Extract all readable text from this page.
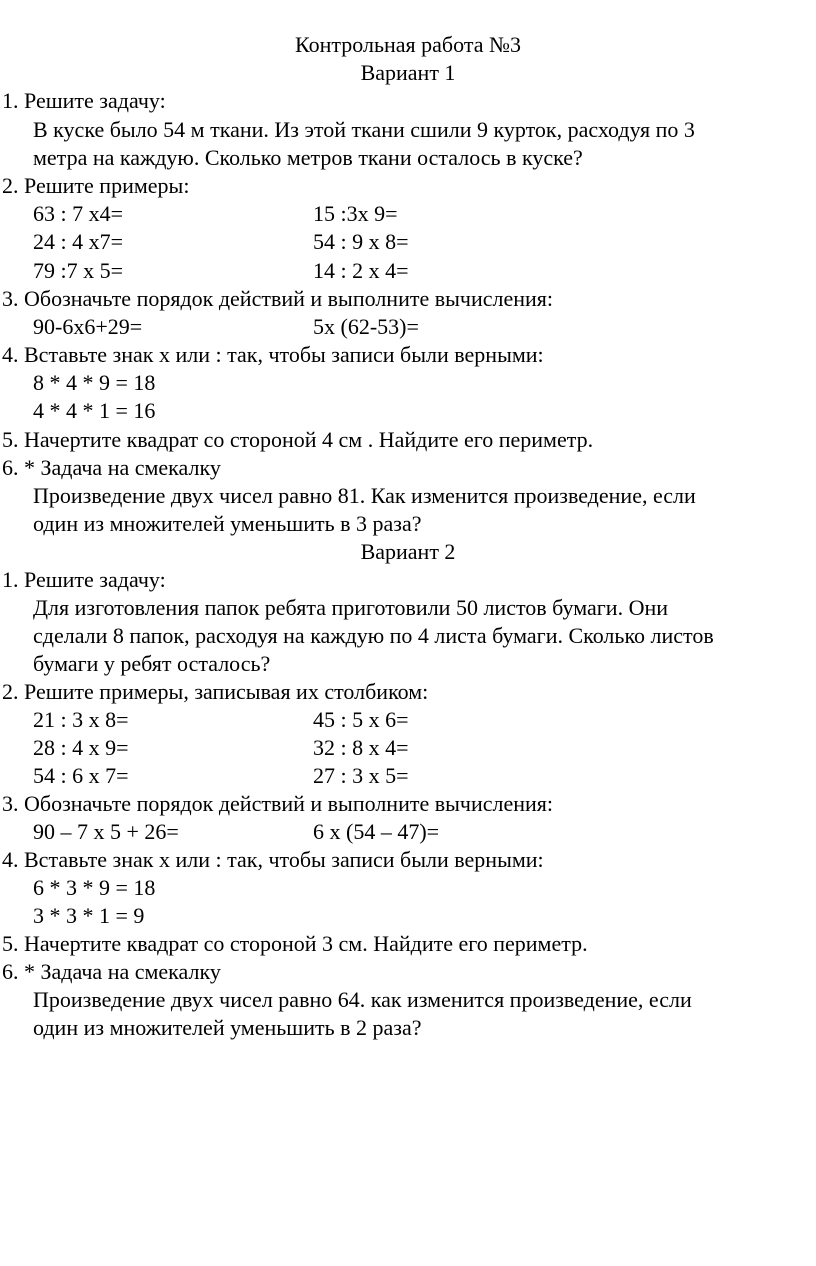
Контрольная работа №3
Вариант 1
1. Решите задачу:
В куске было 54 м ткани. Из этой ткани сшили 9 курток, расходуя по 3
метра на каждую. Сколько метров ткани осталось в куске?
2. Решите примеры:
63 : 7 х4=	15 :3х 9=
24 : 4 х7=	54 : 9 х 8=
79 :7 х 5=	14 : 2 х 4=
3. Обозначьте порядок действий и выполните вычисления:
90-6х6+29=	5х (62-53)=
4. Вставьте знак х или : так, чтобы записи были верными:
8 * 4 * 9 = 18
4 * 4 * 1 = 16
5. Начертите квадрат со стороной 4 см . Найдите его периметр.
6. * Задача на смекалку
Произведение двух чисел равно 81. Как изменится произведение, если
один из множителей уменьшить в 3 раза?
Вариант 2
1. Решите задачу:
Для изготовления папок ребята приготовили 50 листов бумаги. Они
сделали 8 папок, расходуя на каждую по 4 листа бумаги. Сколько листов
бумаги у ребят осталось?
2. Решите примеры, записывая их столбиком:
21 : 3 х 8=	45 : 5 х 6=
28 : 4 х 9=	32 : 8 х 4=
54 : 6 х 7=	27 : 3 х 5=
3. Обозначьте порядок действий и выполните вычисления:
90 – 7 х 5 + 26=	6 х (54 – 47)=
4. Вставьте знак х или : так, чтобы записи были верными:
6 * 3 * 9 = 18
3 * 3 * 1 = 9
5. Начертите квадрат со стороной 3 см. Найдите его периметр.
6. * Задача на смекалку
Произведение двух чисел равно 64. как изменится произведение, если
один из множителей уменьшить в 2 раза?
